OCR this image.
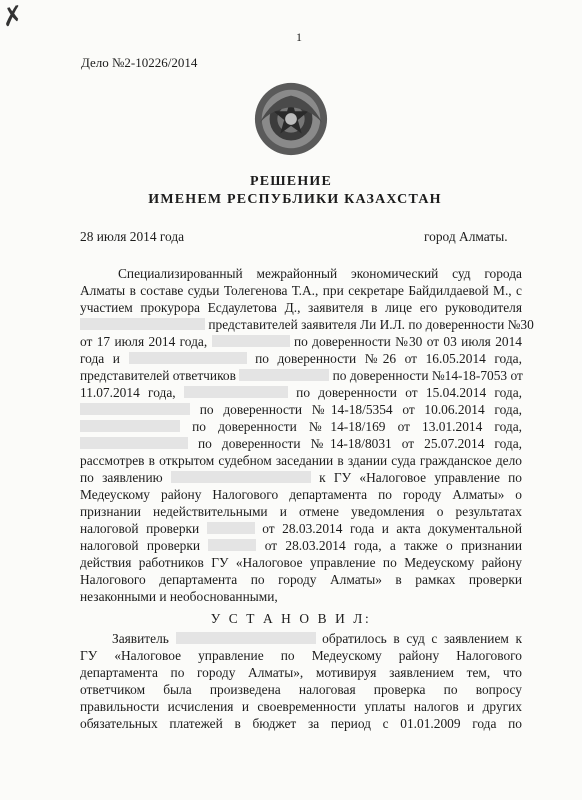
✗
1
Дело №2-10226/2014
РЕШЕНИЕ
ИМЕНЕМ РЕСПУБЛИКИ КАЗАХСТАН
28 июля 2014 года	город Алматы.
Специализированный межрайонный экономический суд города
Алматы в составе судьи Толегенова Т.А., при секретаре Байдилдаевой М., с
участием прокурора Есдаулетова Д., заявителя в лице его руководителя
представителей заявителя Ли И.Л. по доверенности №30
от 17 июля 2014 года,	по доверенности №30 от 03 июля 2014
года и	по доверенности №26 от 16.05.2014 года,
представителей ответчиков	по доверенности №14-18-7053 от
11.07.2014 года,	по доверенности от 15.04.2014 года,
по доверенности №14-18/5354 от 10.06.2014 года,
по доверенности №14-18/169 от 13.01.2014 года,
по доверенности №14-18/8031 от 25.07.2014 года,
рассмотрев в открытом судебном заседании в здании суда гражданское дело
по заявлению	к ГУ «Налоговое управление по
Медеускому району Налогового департамента по городу Алматы» о
признании недействительными и отмене уведомления о результатах
налоговой проверки	от 28.03.2014 года и акта документальной
налоговой проверки	от 28.03.2014 года, а также о признании
действия работников ГУ «Налоговое управление по Медеускому району
Налогового департамента по городу Алматы» в рамках проверки
незаконными и необоснованными,
У С Т А Н О В И Л:
Заявитель	обратилось в суд с заявлением к
ГУ «Налоговое управление по Медеускому району Налогового
департамента по городу Алматы», мотивируя заявлением тем, что
ответчиком была произведена налоговая проверка по вопросу
правильности исчисления и своевременности уплаты налогов и других
обязательных платежей в бюджет за период с 01.01.2009 года по
